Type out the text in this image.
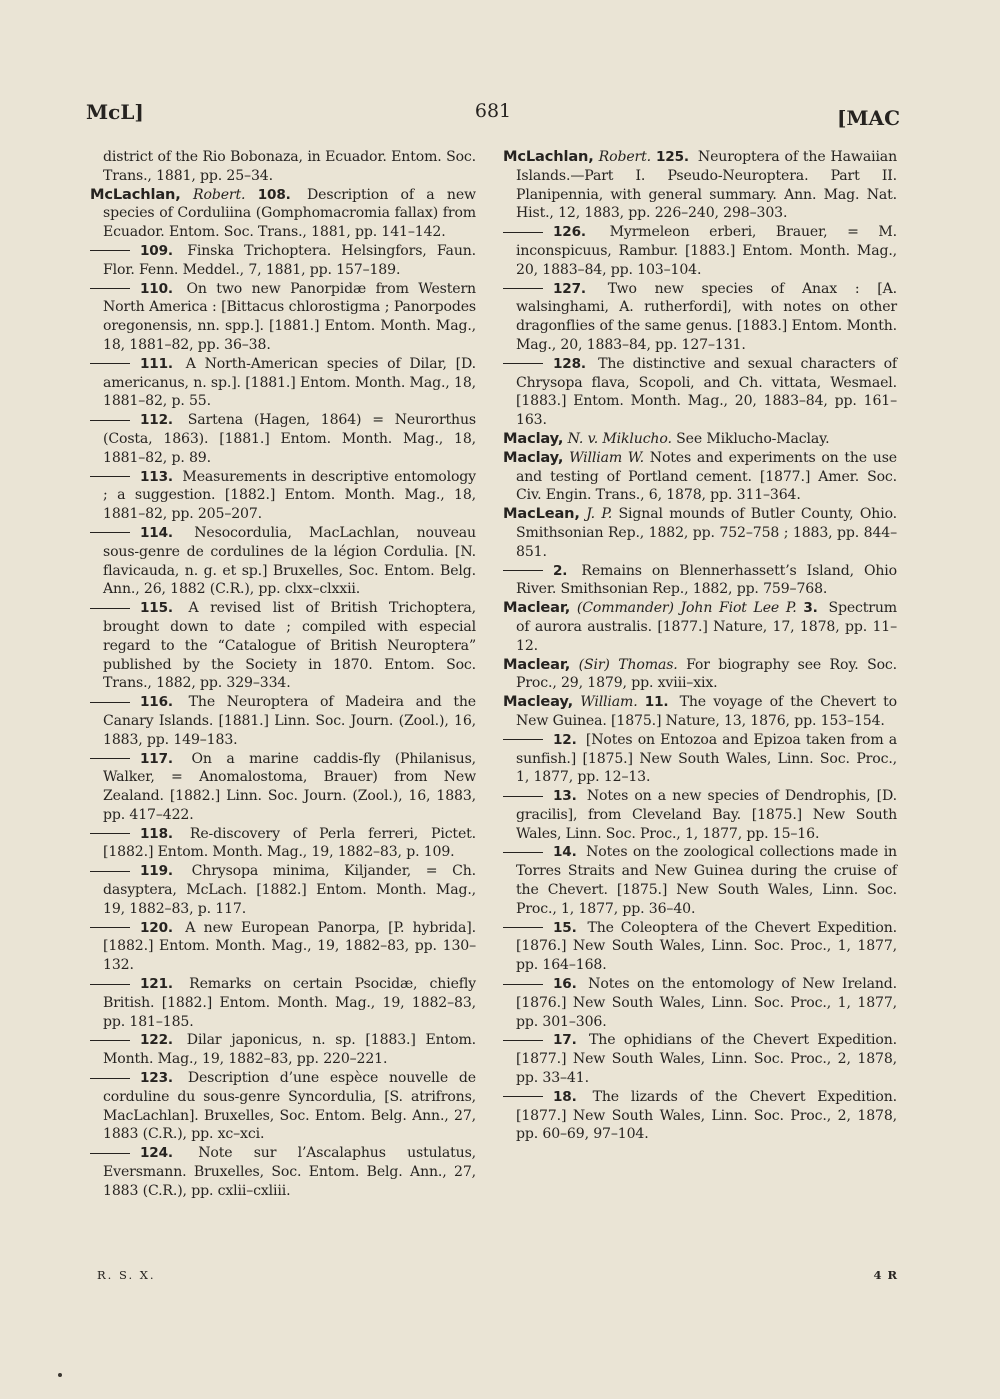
McL]	681	[MAC

district of the Rio Bobonaza, in Ecuador. Entom. Soc. Trans., 1881, pp. 25–34.

McLachlan, Robert. 108. Description of a new species of Corduliina (Gomphomacromia fallax) from Ecuador. Entom. Soc. Trans., 1881, pp. 141–142.

109. Finska Trichoptera. Helsingfors, Faun. Flor. Fenn. Meddel., 7, 1881, pp. 157–189.

110. On two new Panorpidæ from Western North America : [Bittacus chlorostigma ; Panorpodes oregonensis, nn. spp.]. [1881.] Entom. Month. Mag., 18, 1881–82, pp. 36–38.

111. A North-American species of Dilar, [D. americanus, n. sp.]. [1881.] Entom. Month. Mag., 18, 1881–82, p. 55.

112. Sartena (Hagen, 1864) = Neurorthus (Costa, 1863). [1881.] Entom. Month. Mag., 18, 1881–82, p. 89.

113. Measurements in descriptive entomology ; a suggestion. [1882.] Entom. Month. Mag., 18, 1881–82, pp. 205–207.

114. Nesocordulia, MacLachlan, nouveau sous-genre de cordulines de la légion Cordulia. [N. flavicauda, n. g. et sp.] Bruxelles, Soc. Entom. Belg. Ann., 26, 1882 (C.R.), pp. clxx–clxxii.

115. A revised list of British Trichoptera, brought down to date ; compiled with especial regard to the “Catalogue of British Neuroptera” published by the Society in 1870. Entom. Soc. Trans., 1882, pp. 329–334.

116. The Neuroptera of Madeira and the Canary Islands. [1881.] Linn. Soc. Journ. (Zool.), 16, 1883, pp. 149–183.

117. On a marine caddis-fly (Philanisus, Walker, = Anomalostoma, Brauer) from New Zealand. [1882.] Linn. Soc. Journ. (Zool.), 16, 1883, pp. 417–422.

118. Re-discovery of Perla ferreri, Pictet. [1882.] Entom. Month. Mag., 19, 1882–83, p. 109.

119. Chrysopa minima, Kiljander, = Ch. dasyptera, McLach. [1882.] Entom. Month. Mag., 19, 1882–83, p. 117.

120. A new European Panorpa, [P. hybrida]. [1882.] Entom. Month. Mag., 19, 1882–83, pp. 130–132.

121. Remarks on certain Psocidæ, chiefly British. [1882.] Entom. Month. Mag., 19, 1882–83, pp. 181–185.

122. Dilar japonicus, n. sp. [1883.] Entom. Month. Mag., 19, 1882–83, pp. 220–221.

123. Description d’une espèce nouvelle de corduline du sous-genre Syncordulia, [S. atrifrons, MacLachlan]. Bruxelles, Soc. Entom. Belg. Ann., 27, 1883 (C.R.), pp. xc–xci.

124. Note sur l’Ascalaphus ustulatus, Eversmann. Bruxelles, Soc. Entom. Belg. Ann., 27, 1883 (C.R.), pp. cxlii–cxliii.

McLachlan, Robert. 125. Neuroptera of the Hawaiian Islands.—Part I. Pseudo-Neuroptera. Part II. Planipennia, with general summary. Ann. Mag. Nat. Hist., 12, 1883, pp. 226–240, 298–303.

126. Myrmeleon erberi, Brauer, = M. inconspicuus, Rambur. [1883.] Entom. Month. Mag., 20, 1883–84, pp. 103–104.

127. Two new species of Anax : [A. walsinghami, A. rutherfordi], with notes on other dragonflies of the same genus. [1883.] Entom. Month. Mag., 20, 1883–84, pp. 127–131.

128. The distinctive and sexual characters of Chrysopa flava, Scopoli, and Ch. vittata, Wesmael. [1883.] Entom. Month. Mag., 20, 1883–84, pp. 161–163.

Maclay, N. v. Miklucho. See Miklucho-Maclay.

Maclay, William W. Notes and experiments on the use and testing of Portland cement. [1877.] Amer. Soc. Civ. Engin. Trans., 6, 1878, pp. 311–364.

MacLean, J. P. Signal mounds of Butler County, Ohio. Smithsonian Rep., 1882, pp. 752–758 ; 1883, pp. 844–851.

2. Remains on Blennerhassett’s Island, Ohio River. Smithsonian Rep., 1882, pp. 759–768.

Maclear, (Commander) John Fiot Lee P. 3. Spectrum of aurora australis. [1877.] Nature, 17, 1878, pp. 11–12.

Maclear, (Sir) Thomas. For biography see Roy. Soc. Proc., 29, 1879, pp. xviii–xix.

Macleay, William. 11. The voyage of the Chevert to New Guinea. [1875.] Nature, 13, 1876, pp. 153–154.

12. [Notes on Entozoa and Epizoa taken from a sunfish.] [1875.] New South Wales, Linn. Soc. Proc., 1, 1877, pp. 12–13.

13. Notes on a new species of Dendrophis, [D. gracilis], from Cleveland Bay. [1875.] New South Wales, Linn. Soc. Proc., 1, 1877, pp. 15–16.

14. Notes on the zoological collections made in Torres Straits and New Guinea during the cruise of the Chevert. [1875.] New South Wales, Linn. Soc. Proc., 1, 1877, pp. 36–40.

15. The Coleoptera of the Chevert Expedition. [1876.] New South Wales, Linn. Soc. Proc., 1, 1877, pp. 164–168.

16. Notes on the entomology of New Ireland. [1876.] New South Wales, Linn. Soc. Proc., 1, 1877, pp. 301–306.

17. The ophidians of the Chevert Expedition. [1877.] New South Wales, Linn. Soc. Proc., 2, 1878, pp. 33–41.

18. The lizards of the Chevert Expedition. [1877.] New South Wales, Linn. Soc. Proc., 2, 1878, pp. 60–69, 97–104.

R. S. X.	4 R
